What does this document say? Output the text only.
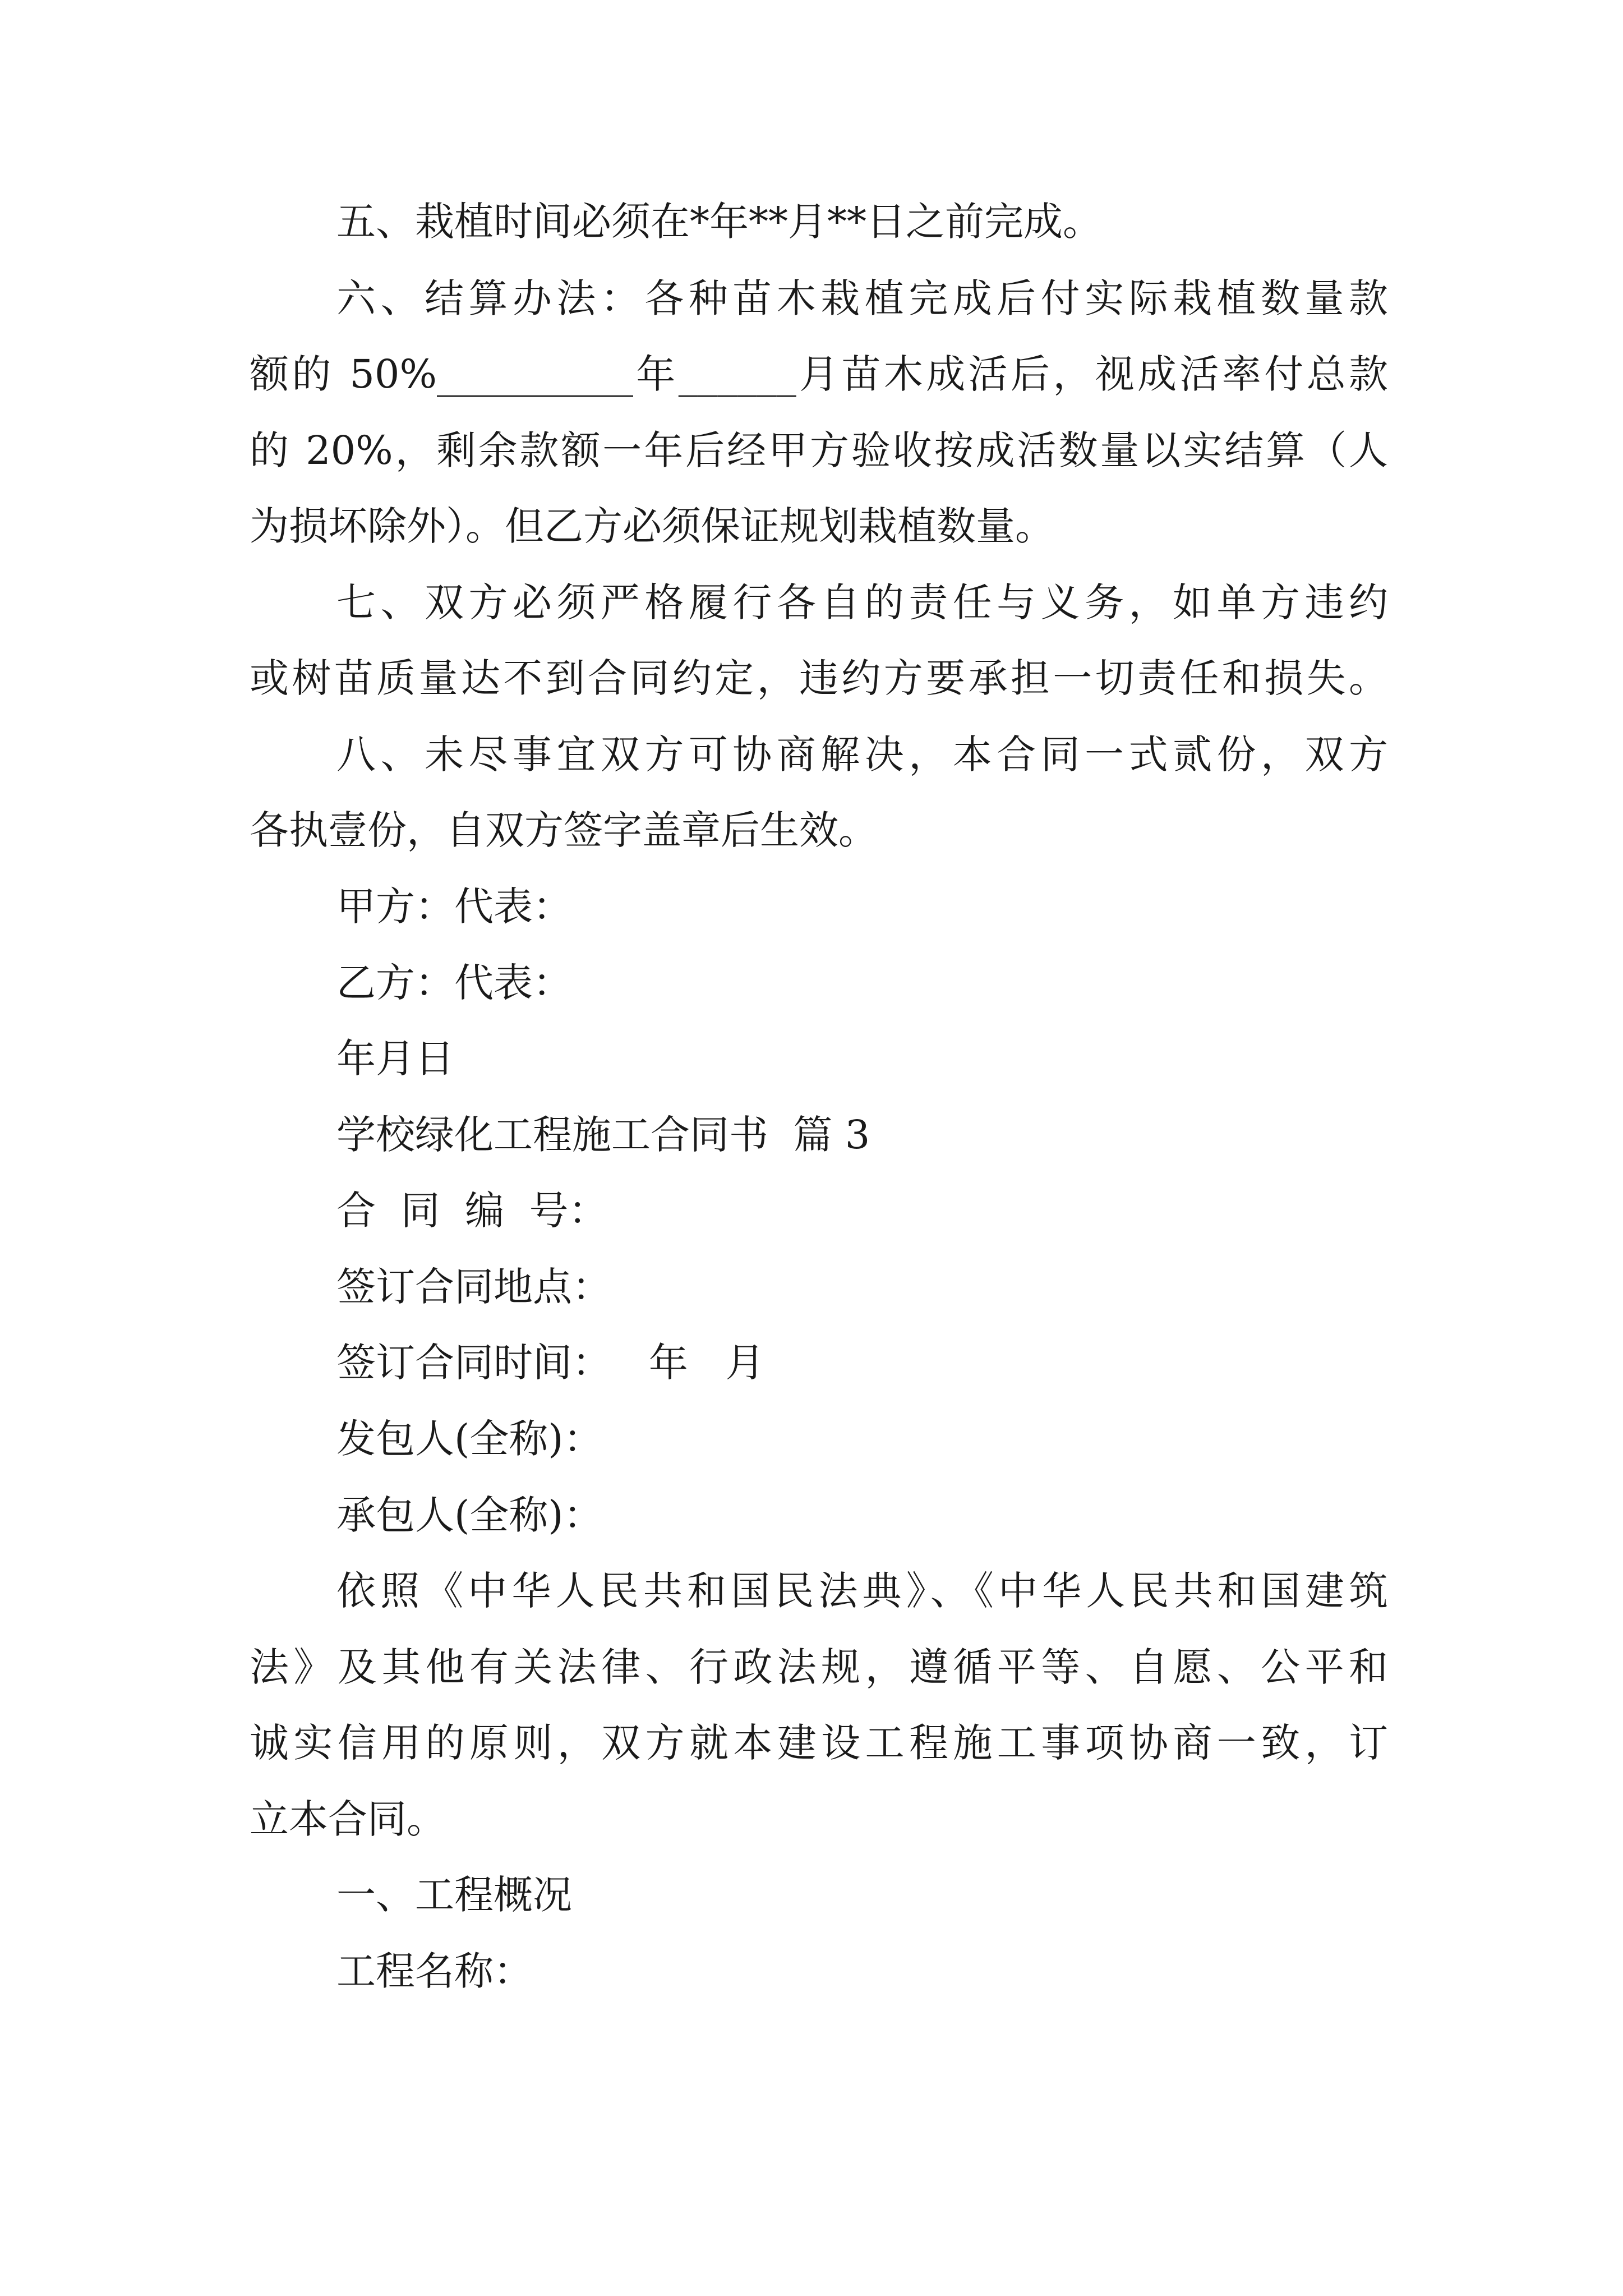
五、栽植时间必须在*年**月**日之前完成。
六、结算办法：各种苗木栽植完成后付实际栽植数量款
额的 50%__________年______月苗木成活后，视成活率付总款
的 20%，剩余款额一年后经甲方验收按成活数量以实结算（人
为损坏除外）。但乙方必须保证规划栽植数量。
七、双方必须严格履行各自的责任与义务，如单方违约
或树苗质量达不到合同约定，违约方要承担一切责任和损失。
八、未尽事宜双方可协商解决，本合同一式贰份，双方
各执壹份，自双方签字盖章后生效。
甲方：代表：
乙方：代表：
年月日
学校绿化工程施工合同书  篇 3
合  同  编  号：
签订合同地点：
签订合同时间：   年   月
发包人(全称)：
承包人(全称)：
依照《中华人民共和国民法典》、《中华人民共和国建筑
法》及其他有关法律、行政法规，遵循平等、自愿、公平和
诚实信用的原则，双方就本建设工程施工事项协商一致，订
立本合同。
一、工程概况
工程名称：
